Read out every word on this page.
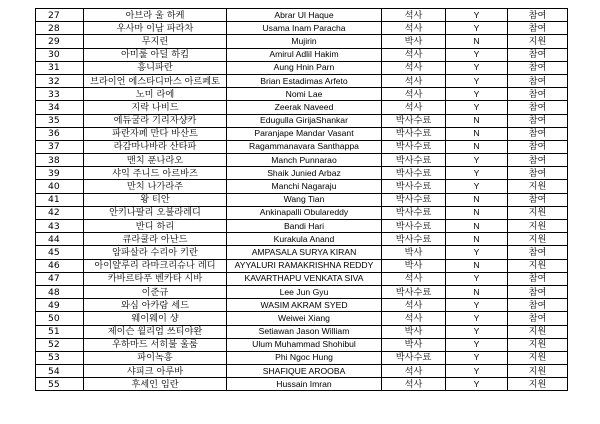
27	아브라 울 하케	Abrar Ul Haque	석사	Y	참여
28	우사마 이남 파라차	Usama Inam Paracha	석사	Y	참여
29	무지린	Mujirin	박사	N	지원
30	아미룰 아딜 하킴	Amirul Adlil Hakim	석사	Y	참여
31	흥니파란	Aung Hnin Parn	석사	Y	참여
32	브라이언 에스타디마스 아르페토	Brian Estadimas Arfeto	석사	Y	참여
33	노미 라에	Nomi Lae	석사	Y	참여
34	지락 나비드	Zeerak Naveed	석사	Y	참여
35	에듀굴라 기리자샹카	Edugulla GirijaShankar	박사수료	N	참여
36	파란자페 만다 바산트	Paranjape Mandar Vasant	박사수료	N	참여
37	라감마나바라 산타파	Ragammanavara Santhappa	박사수료	N	참여
38	맨치 푼나라오	Manch Punnarao	박사수료	Y	참여
39	샤익 주니드 아르바즈	Shaik Junied Arbaz	박사수료	Y	참여
40	만치 나가라주	Manchi Nagaraju	박사수료	Y	지원
41	왕 티안	Wang Tian	박사수료	N	참여
42	안키나팔리 오불라레디	Ankinapalli Obulareddy	박사수료	N	지원
43	반디 하리	Bandi Hari	박사수료	N	지원
44	큐라쿨라 아난드	Kurakula Anand	박사수료	N	지원
45	암파살라 수리아 키란	AMPASALA SURYA KIRAN	박사	Y	참여
46	아이얄루리 라마크리슈나 레디	AYYALURI RAMAKRISHNA REDDY	박사	N	지원
47	카바르타푸 벤카타 시바	KAVARTHAPU VENKATA SIVA	석사	Y	참여
48	이준규	Lee Jun Gyu	박사수료	N	참여
49	와심 아카람 세드	WASIM AKRAM SYED	석사	Y	참여
50	웨이웨이 샹	Weiwei Xiang	석사	Y	참여
51	제이슨 윌리엄 쓰티야완	Setiawan Jason William	박사	Y	지원
52	우하마드 서히불 울룸	Ulum Muhammad Shohibul	박사	Y	지원
53	파이녹흥	Phi Ngoc Hung	박사수료	Y	지원
54	샤피크 아루바	SHAFIQUE AROOBA	석사	Y	지원
55	후세인 임란	Hussain Imran	석사	Y	지원
